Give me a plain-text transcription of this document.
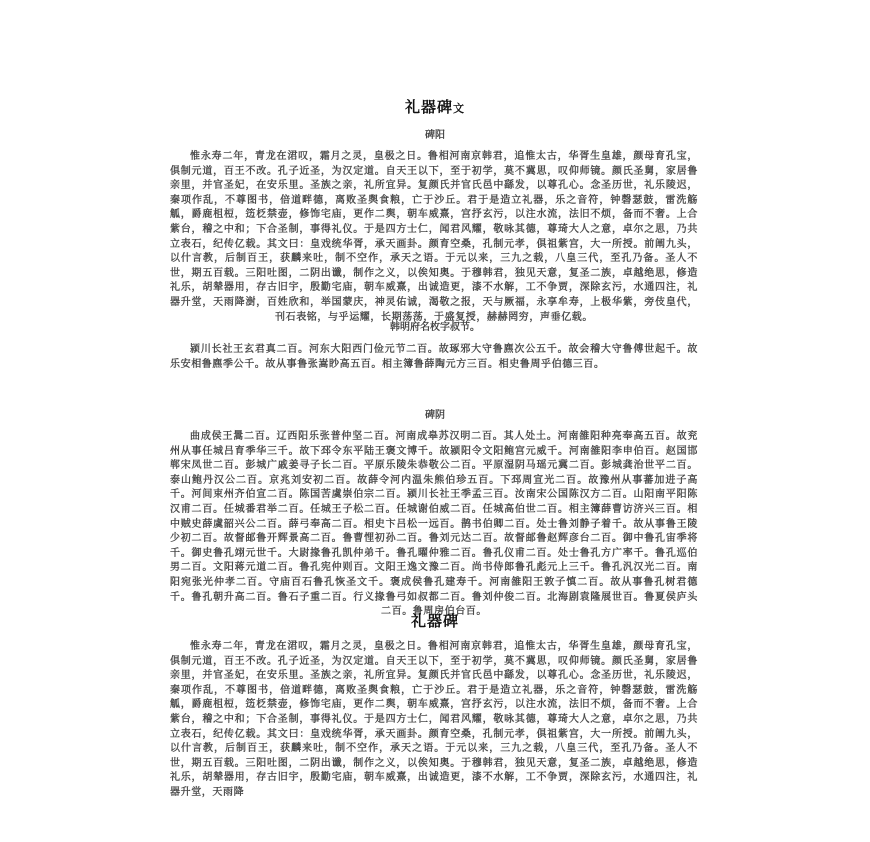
礼器碑文
碑阳

惟永寿二年，青龙在涒叹，霜月之灵，皇极之日。鲁相河南京韩君，追惟太古，华胥生皇雄，颜母育孔宝，俱制元道，百王不改。孔子近圣，为汉定道。自天王以下，至于初学，莫不冀思，叹仰师镜。颜氏圣舅，家居鲁亲里，并官圣妃，在安乐里。圣族之亲，礼所宜异。复颜氏并官氏邑中繇发，以尊孔心。念圣历世，礼乐陵迟，秦项作乱，不尊图书，倍道畔德，离败圣舆食粮，亡于沙丘。君于是造立礼器，乐之音符，钟磬瑟鼓，雷洗觞觚，爵鹿柤梪，笾柉禁壶，修饰宅庙，更作二舆，朝车威熹，宫抒玄污，以注水流，法旧不烦，备而不奢。上合紫台，稽之中和；下合圣制，事得礼仪。于是四方士仁，闻君风耀，敬咏其德，尊琦大人之意，卓尔之思，乃共立表石，纪传亿载。其文曰：皇戏统华胥，承天画卦。颜育空桑，孔制元孝，俱祖紫宫，大一所授。前阐九头，以什言教，后制百王，获麟来吐，制不空作，承天之语。于元以来，三九之载，八皇三代，至孔乃备。圣人不世，期五百载。三阳吐图，二阴出谶，制作之义，以俟知奥。于穆韩君，独见天意，复圣二族，卓越绝思，修造礼乐，胡辇器用，存古旧宇，殷勤宅庙，朝车威熹，出诚造更，漆不水解，工不争贾，深除玄污，水通四注，礼器升堂，天雨降澍，百姓欣和，举国蒙庆，神灵佑诚，渴敬之报，天与厥福，永享牟寿，上极华紫，旁伎皇代，刊石表铭，与乎运耀，长期荡荡，于盛复授，赫赫罔穷，声垂亿载。

韩明府名枚字叔节。

颍川长社王玄君真二百。河东大阳西门俭元节二百。故琢邪大守鲁麃次公五千。故会稽大守鲁傅世起千。故乐安相鲁麃季公千。故从事鲁张嵩眇高五百。相主簿鲁薛陶元方三百。相史鲁周乎伯德三百。

碑阴

曲成侯王暠二百。辽西阳乐张普仲坚二百。河南成皋苏汉明二百。其人处土。河南雒阳种亮奉高五百。故兖州从事任城吕育季华三千。故下邳令东平陆王褒文博千。故颍阳令文阳鲍宫元威千。河南雒阳李申伯百。赵国邯郸宋凤世二百。彭城广戚姜寻子长二百。平原乐陵朱恭敬公二百。平原湿阴马瑶元冀二百。彭城龚治世平二百。泰山鲍丹汉公二百。京兆刘安初二百。故薛令河内温朱熊伯珍五百。下邳周宣光二百。故豫州从事蕃加进子高千。河间束州齐伯宣二百。陈国苦虞崇伯宗二百。颍川长社王季孟三百。汝南宋公国陈汉方二百。山阳南平阳陈汉甫二百。任城番君举二百。任城王子松二百。任城谢伯威二百。任城高伯世二百。相主簿薛曹访济兴三百。相中贼史薛虞韶兴公二百。薛弓奉高二百。相史卞吕松一远百。鹊书伯卿二百。处士鲁刘静子着千。故从事鲁王陵少初二百。故督邮鲁开辉景高二百。鲁曹悝初孙二百。鲁刘元达二百。故督邮鲁赵辉彦台二百。御中鲁孔宙季将千。御史鲁孔翊元世千。大尉掾鲁孔凯仲弟千。鲁孔曜仲雅二百。鲁孔仪甫二百。处士鲁孔方广率千。鲁孔巡伯男二百。文阳蒋元道二百。鲁孔宪仲则百。文阳王逸文豫二百。尚书侍郎鲁孔彪元上三千。鲁孔汎汉光二百。南阳宛张光仲孝二百。守庙百石鲁孔恢圣文千。褒成侯鲁孔建寿千。河南雒阳王敦子慎二百。故从事鲁孔树君德千。鲁孔朝升高二百。鲁石子重二百。行义掾鲁弓如叔都二百。鲁刘仲俊二百。北海剧袁隆展世百。鲁夏侯庐头二百。鲁周房伯台百。

礼器碑

惟永寿二年，青龙在涒叹，霜月之灵，皇极之日。鲁相河南京韩君，追惟太古，华胥生皇雄，颜母育孔宝，俱制元道，百王不改。孔子近圣，为汉定道。自天王以下，至于初学，莫不冀思，叹仰师镜。颜氏圣舅，家居鲁亲里，并官圣妃，在安乐里。圣族之亲，礼所宜异。复颜氏并官氏邑中繇发，以尊孔心。念圣历世，礼乐陵迟，秦项作乱，不尊图书，倍道畔德，离败圣舆食粮，亡于沙丘。君于是造立礼器，乐之音符，钟磬瑟鼓，雷洗觞觚，爵鹿柤梪，笾柉禁壶，修饰宅庙，更作二舆，朝车威熹，宫抒玄污，以注水流，法旧不烦，备而不奢。上合紫台，稽之中和；下合圣制，事得礼仪。于是四方士仁，闻君风耀，敬咏其德，尊琦大人之意，卓尔之思，乃共立表石，纪传亿载。其文曰：皇戏统华胥，承天画卦。颜育空桑，孔制元孝，俱祖紫宫，大一所授。前阐九头，以什言教，后制百王，获麟来吐，制不空作，承天之语。于元以来，三九之载，八皇三代，至孔乃备。圣人不世，期五百载。三阳吐图，二阴出谶，制作之义，以俟知奥。于穆韩君，独见天意，复圣二族，卓越绝思，修造礼乐，胡辇器用，存古旧宇，殷勤宅庙，朝车威熹，出诚造更，漆不水解，工不争贾，深除玄污，水通四注，礼器升堂，天雨降
